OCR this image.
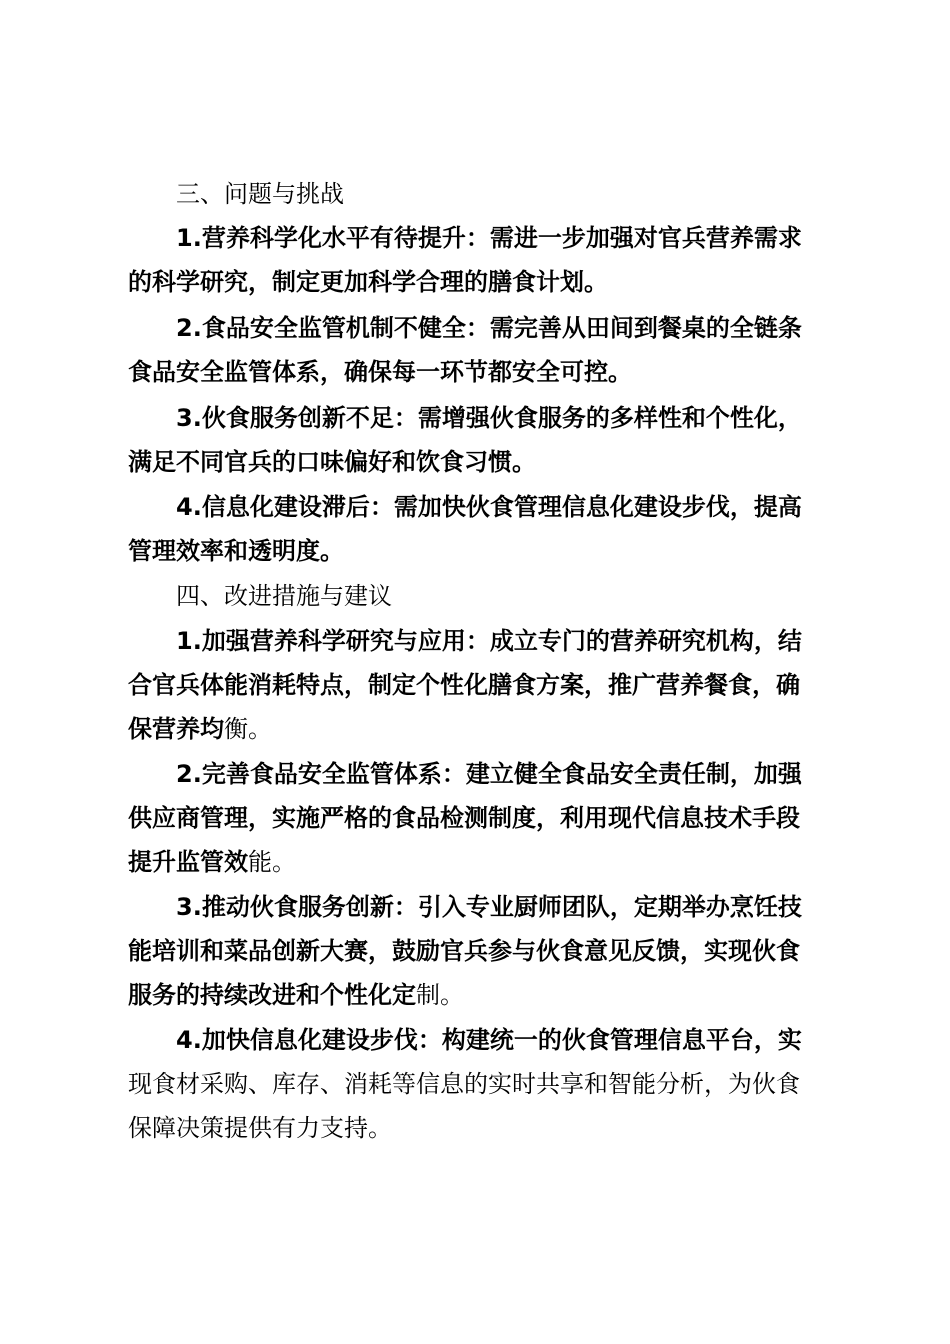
三、问题与挑战

1.营养科学化水平有待提升：需进一步加强对官兵营养需求的科学研究，制定更加科学合理的膳食计划。

2.食品安全监管机制不健全：需完善从田间到餐桌的全链条食品安全监管体系，确保每一环节都安全可控。

3.伙食服务创新不足：需增强伙食服务的多样性和个性化，满足不同官兵的口味偏好和饮食习惯。

4.信息化建设滞后：需加快伙食管理信息化建设步伐，提高管理效率和透明度。

四、改进措施与建议

1.加强营养科学研究与应用：成立专门的营养研究机构，结合官兵体能消耗特点，制定个性化膳食方案，推广营养餐食，确保营养均衡。

2.完善食品安全监管体系：建立健全食品安全责任制，加强供应商管理，实施严格的食品检测制度，利用现代信息技术手段提升监管效能。

3.推动伙食服务创新：引入专业厨师团队，定期举办烹饪技能培训和菜品创新大赛，鼓励官兵参与伙食意见反馈，实现伙食服务的持续改进和个性化定制。

4.加快信息化建设步伐：构建统一的伙食管理信息平台，实现食材采购、库存、消耗等信息的实时共享和智能分析，为伙食保障决策提供有力支持。
